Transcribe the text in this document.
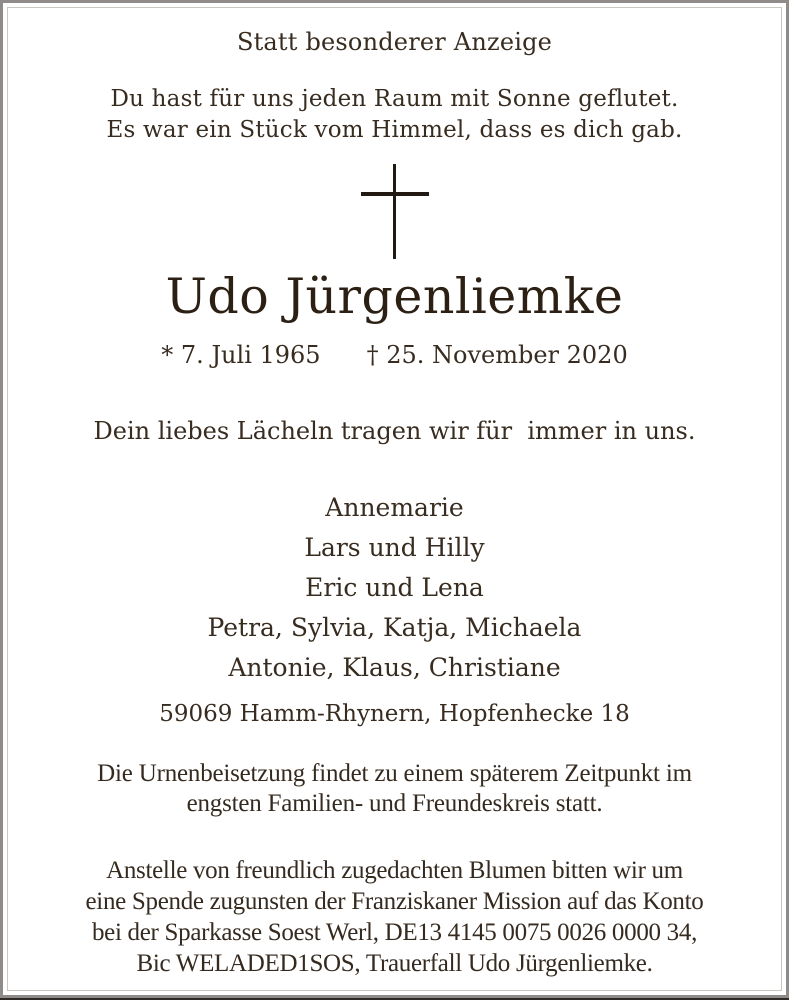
Statt besonderer Anzeige
Du hast für uns jeden Raum mit Sonne geflutet.
Es war ein Stück vom Himmel, dass es dich gab.
Udo Jürgenliemke
* 7. Juli 1965 † 25. November 2020
Dein liebes Lächeln tragen wir für  immer in uns.
Annemarie
Lars und Hilly
Eric und Lena
Petra, Sylvia, Katja, Michaela
Antonie, Klaus, Christiane
59069 Hamm-Rhynern, Hopfenhecke 18
Die Urnenbeisetzung findet zu einem späterem Zeitpunkt im
engsten Familien- und Freundeskreis statt.
Anstelle von freundlich zugedachten Blumen bitten wir um
eine Spende zugunsten der Franziskaner Mission auf das Konto
bei der Sparkasse Soest Werl, DE13 4145 0075 0026 0000 34,
Bic WELADED1SOS, Trauerfall Udo Jürgenliemke.
